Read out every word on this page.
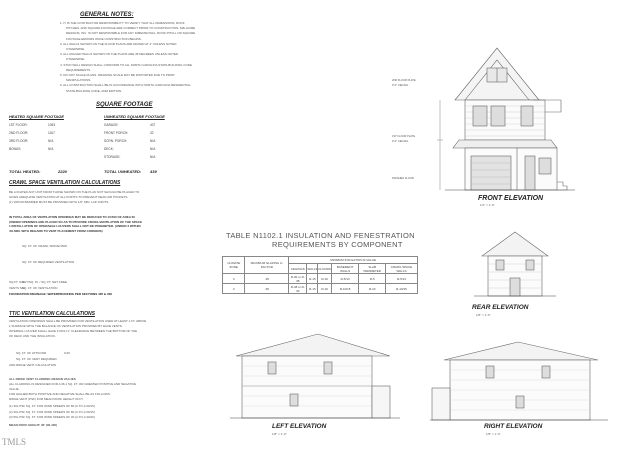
GENERAL NOTES:
1. IT IS THE CONTRACTOR RESPONSIBILITY TO VERIFY THAT ALL DIMENSIONS, ROOF
PITCHES, AND SQUARE FOOTAGE ARE CORRECT PRIOR TO CONSTRUCTION. M&I HOME
DESIGNS, INC. IS NOT RESPONSIBLE FOR ANY DIMENSIONAL, ROOF PITCH, OR SQUARE
FOOTAGE ERRORS ONCE CONSTRUCTION BEGINS.
2. ALL WALLS SHOWN ON THE FLOOR PLANS ARE DRAWN AT 4" UNLESS NOTED
OTHERWISE.
3. ALL ANGLED WALLS SHOWN ON THE PLANS ARE 45 DEGREES UNLESS NOTED
OTHERWISE.
4. STUD WALL DESIGN SHALL CONFORM TO ALL NORTH CAROLINA STATE BUILDING CODE
REQUIREMENTS.
5. DO NOT SCALE PLANS. DRAWING SCALE MAY BE DISTORTED DUE TO PRINT
MANIPULATIONS.
6. ALL CONSTRUCTION SHALL BE IN ACCORDANCE WITH NORTH CAROLINA RESIDENTIAL
STATE BUILDING CODE, 2018 EDITION.
SQUARE FOOTAGE
HEATED SQUARE FOOTAGE	UNHEATED SQUARE FOOTAGE
1ST FLOOR:	1053
2ND FLOOR:	1167
3RD FLOOR:	N/A
BONUS:	N/A
GARAGE:	407
FRONT PORCH:	32
SCRN. PORCH:	N/A
DECK:	N/A
STORAGE:	N/A
TOTAL HEATED:	2220	TOTAL UNHEATED: 439
CRAWL SPACE VENTILATION CALCULATIONS
BE LOCATED ANY UNIT FROM THOSE SHOWN ON THE PLAN NOT SHOULD BE PLACED TO
GIVES ADEQUATE VENTILATION AT ALL POINTS TO PREVENT DEAD AIR POCKETS.
(1) VAPOR BARRIER MUST BE PROVIDED WITH 1/2" MIN. LAP JOINTS.
IN TOTAL AREA OF VENTILATION OPENINGS MAY BE REDUCED TO 1/1500 OF AREA IN
(UNDER OPENINGS ARE PLACED SO AS TO PROVIDE CROSS-VENTILATION OF THE SPACE
1 INSTALLATION OF OPERABLE LOUVERS SHALL NOT BE PROHIBITED. (UNDER 3 WITHIN
4% MIN. WITH REGARD TO VENT PLACEMENT FROM CORNERS)
SQ. FT. OF CRAWL SPACE/1500
SQ. FT. OF REQUIRED VENTILATION
NET/SQ. IN. / SQ. FT. NET FREE
SQ. FT. OF VENTILATION
SQ.FT. N/A
VENTS N/A
FOUNDATION DRAINAGE: WATERPROOFING PER SECTIONS 405 & 406
TTIC VENTILATION CALCULATIONS
VENTILATION OPENINGS SHALL BE PROVIDED FOR VENTILATION USED AT LEAST 1 FT. ABOVE
1 SURFACE WITH THE BALANCE OF VENTILATION PROVIDED BY EAVE VENTS.
INTERNAL LOUVER SHALL HAVE 3 INCH 1" CLEARANCE BETWEEN THE BOTTOM OF THE
OF DECK AND THE INSULATION.
SQ. FT. OF ATTIC/300	0.00
SQ. FT. OF VENT REQUIRED
AND RIDGE VENT CALCULATION
ALL RIDGE VENT CLADDING DESIGN VALUES
ALL CLADDING IS DESIGNED FOR A 36.1 SQ. FT. OR GREATER POSITIVE AND NEGATIVE
VALUE.
FOR HIGHER BOTH POSITIVE AND NEGATIVE SHALL BE AS FOLLOWS:
RIDGE VENT (PSF) FOR MEAN ROOF HEIGHT 30 FT.
(1) 30L PSF SQ. FT. FOR WIND SPEEDS OF 80 (2-TO-3 20/15)
(2) 40L PSF SQ. FT. FOR WIND SPEEDS OF 80 (2-TO-3 20/15)
(3) 50L PSF SQ. FT. FOR WIND SPEEDS OF 30 (2-TO-3 40/40)
MEAN ROOF HEIGHT: 30' (30.400)
2ND FLOOR PLATE
9'-0" CEILING
1ST FLOOR PLATE
9'-0" CEILING
FINISHED FLOOR
FRONT ELEVATION
1/4" = 1'-0"
TABLE N1102.1 INSULATION AND FENESTRATION
REQUIREMENTS BY COMPONENT
CLIMATE ZONE	MAXIMUM GLAZING U-FACTOR	MINIMUM INSULATION R-VALUE					
		CEILINGS	WALLS	FLOORS	BASEMENT WALLS	SLAB PERIMETER	CRAWL SPACE WALLS
3	.35	R-30 or R-38	R-15	R-19	R-5/13	R-5	R-5/13
4	.35	R-38 or R-30	R-15	R-19	R-10/15	R-10	R-10/15
REAR ELEVATION
1/8" = 1'-0"
LEFT ELEVATION
1/8" = 1'-0"
RIGHT ELEVATION
1/8" = 1'-0"
TMLS
